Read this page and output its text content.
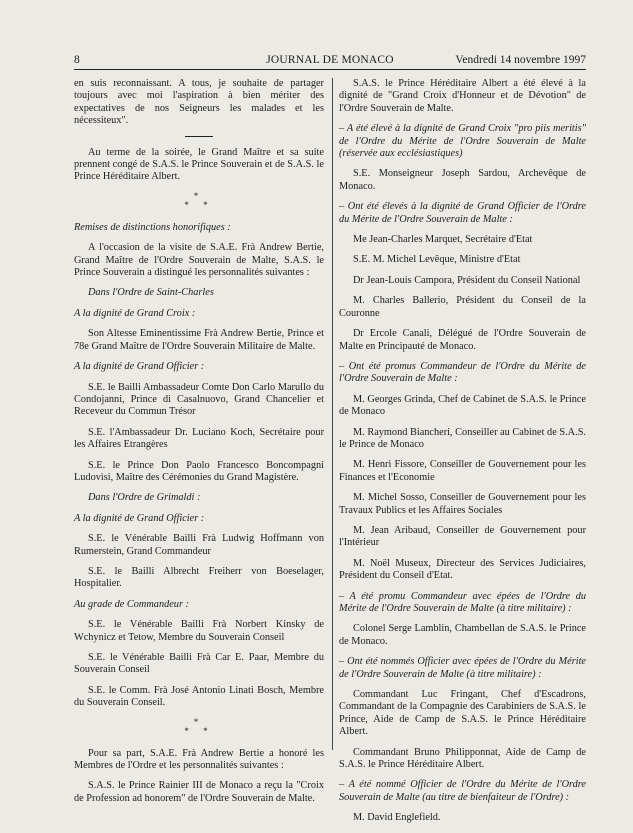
8	JOURNAL DE MONACO	Vendredi 14 novembre 1997

en suis reconnaissant. A tous, je souhaite de partager toujours avec moi l'aspiration à bien mériter des expectatives de nos Seigneurs les malades et les nécessiteux".

Au terme de la soirée, le Grand Maître et sa suite prennent congé de S.A.S. le Prince Souverain et de S.A.S. le Prince Héréditaire Albert.

*
* *

Remises de distinctions honorifiques :

A l'occasion de la visite de S.A.E. Frà Andrew Bertie, Grand Maître de l'Ordre Souverain de Malte, S.A.S. le Prince Souverain a distingué les personnalités suivantes :

Dans l'Ordre de Saint-Charles

A la dignité de Grand Croix :

Son Altesse Eminentissime Frà Andrew Bertie, Prince et 78e Grand Maître de l'Ordre Souverain Militaire de Malte.

A la dignité de Grand Officier :

S.E. le Bailli Ambassadeur Comte Don Carlo Marullo du Condojanni, Prince di Casalnuovo, Grand Chancelier et Receveur du Commun Trésor

S.E. l'Ambassadeur Dr. Luciano Koch, Secrétaire pour les Affaires Etrangères

S.E. le Prince Don Paolo Francesco Boncompagni Ludovisi, Maître des Cérémonies du Grand Magistère.

Dans l'Ordre de Grimaldi :

A la dignité de Grand Officier :

S.E. le Vénérable Bailli Frà Ludwig Hoffmann von Rumerstein, Grand Commandeur

S.E. le Bailli Albrecht Freiherr von Boeselager, Hospitalier.

Au grade de Commandeur :

S.E. le Vénérable Bailli Frà Norbert Kinsky de Wchynicz et Tetow, Membre du Souverain Conseil

S.E. le Vénérable Bailli Frà Car E. Paar, Membre du Souverain Conseil

S.E. le Comm. Frà José Antonio Linati Bosch, Membre du Souverain Conseil.

*
* *

Pour sa part, S.A.E. Frà Andrew Bertie a honoré les Membres de l'Ordre et les personnalités suivantes :

S.A.S. le Prince Rainier III de Monaco a reçu la "Croix de Profession ad honorem" de l'Ordre Souverain de Malte.

S.A.S. le Prince Héréditaire Albert a été élevé à la dignité de "Grand Croix d'Honneur et de Dévotion" de l'Ordre Souverain de Malte.

– A été élevé à la dignité de Grand Croix "pro piis meritis" de l'Ordre du Mérite de l'Ordre Souverain de Malte (réservée aux ecclésiastiques)

S.E. Monseigneur Joseph Sardou, Archevêque de Monaco.

– Ont été élevés à la dignité de Grand Officier de l'Ordre du Mérite de l'Ordre Souverain de Malte :

Me Jean-Charles Marquet, Secrétaire d'Etat

S.E. M. Michel Levêque, Ministre d'Etat

Dr Jean-Louis Campora, Président du Conseil National

M. Charles Ballerio, Président du Conseil de la Couronne

Dr Ercole Canali, Délégué de l'Ordre Souverain de Malte en Principauté de Monaco.

– Ont été promus Commandeur de l'Ordre du Mérite de l'Ordre Souverain de Malte :

M. Georges Grinda, Chef de Cabinet de S.A.S. le Prince de Monaco

M. Raymond Biancheri, Conseiller au Cabinet de S.A.S. le Prince de Monaco

M. Henri Fissore, Conseiller de Gouvernement pour les Finances et l'Economie

M. Michel Sosso, Conseiller de Gouvernement pour les Travaux Publics et les Affaires Sociales

M. Jean Aribaud, Conseiller de Gouvernement pour l'Intérieur

M. Noël Museux, Directeur des Services Judiciaires, Président du Conseil d'Etat.

– A été promu Commandeur avec épées de l'Ordre du Mérite de l'Ordre Souverain de Malte (à titre militaire) :

Colonel Serge Lamblin, Chambellan de S.A.S. le Prince de Monaco.

– Ont été nommés Officier avec épées de l'Ordre du Mérite de l'Ordre Souverain de Malte (à titre militaire) :

Commandant Luc Fringant, Chef d'Escadrons, Commandant de la Compagnie des Carabiniers de S.A.S. le Prince, Aide de Camp de S.A.S. le Prince Héréditaire Albert.

Commandant Bruno Philipponnat, Aide de Camp de S.A.S. le Prince Héréditaire Albert.

– A été nommé Officier de l'Ordre du Mérite de l'Ordre Souverain de Malte (au titre de bienfaiteur de l'Ordre) :

M. David Englefield.
